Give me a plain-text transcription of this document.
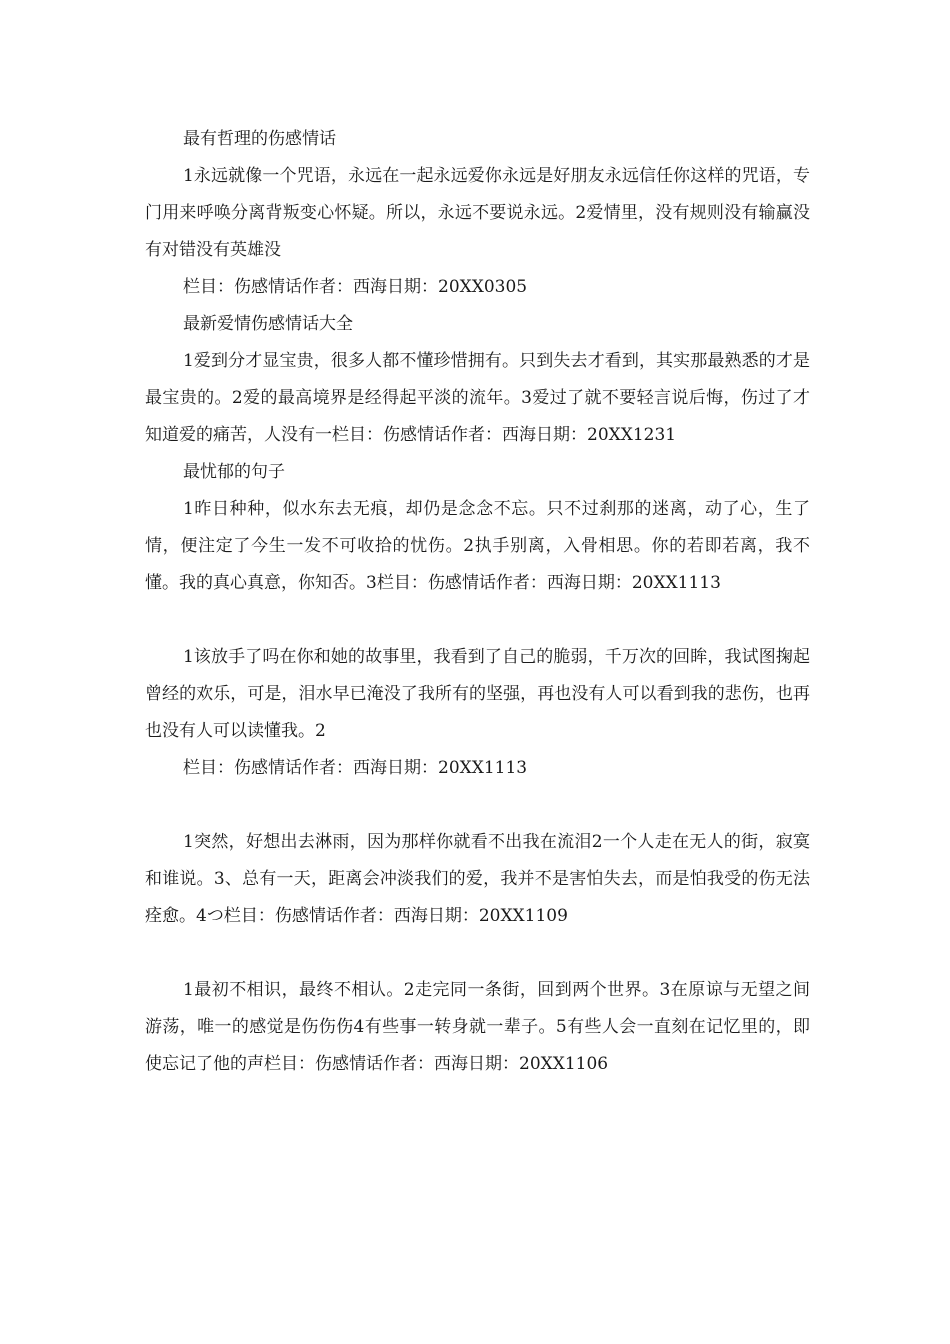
最有哲理的伤感情话

1永远就像一个咒语，永远在一起永远爱你永远是好朋友永远信任你这样的咒语，专门用来呼唤分离背叛变心怀疑。所以，永远不要说永远。2爱情里，没有规则没有输赢没有对错没有英雄没

栏目：伤感情话作者：西海日期：20XX0305

最新爱情伤感情话大全

1爱到分才显宝贵，很多人都不懂珍惜拥有。只到失去才看到，其实那最熟悉的才是最宝贵的。2爱的最高境界是经得起平淡的流年。3爱过了就不要轻言说后悔，伤过了才知道爱的痛苦，人没有一栏目：伤感情话作者：西海日期：20XX1231

最忧郁的句子

1昨日种种，似水东去无痕，却仍是念念不忘。只不过刹那的迷离，动了心，生了情，便注定了今生一发不可收拾的忧伤。2执手别离，入骨相思。你的若即若离，我不懂。我的真心真意，你知否。3栏目：伤感情话作者：西海日期：20XX1113

1该放手了吗在你和她的故事里，我看到了自己的脆弱，千万次的回眸，我试图掬起曾经的欢乐，可是，泪水早已淹没了我所有的坚强，再也没有人可以看到我的悲伤，也再也没有人可以读懂我。2

栏目：伤感情话作者：西海日期：20XX1113

1突然，好想出去淋雨，因为那样你就看不出我在流泪2一个人走在无人的街，寂寞和谁说。3、总有一天，距离会冲淡我们的爱，我并不是害怕失去，而是怕我受的伤无法痊愈。4つ栏目：伤感情话作者：西海日期：20XX1109

1最初不相识，最终不相认。2走完同一条街，回到两个世界。3在原谅与无望之间游荡，唯一的感觉是伤伤伤4有些事一转身就一辈子。5有些人会一直刻在记忆里的，即使忘记了他的声栏目：伤感情话作者：西海日期：20XX1106
